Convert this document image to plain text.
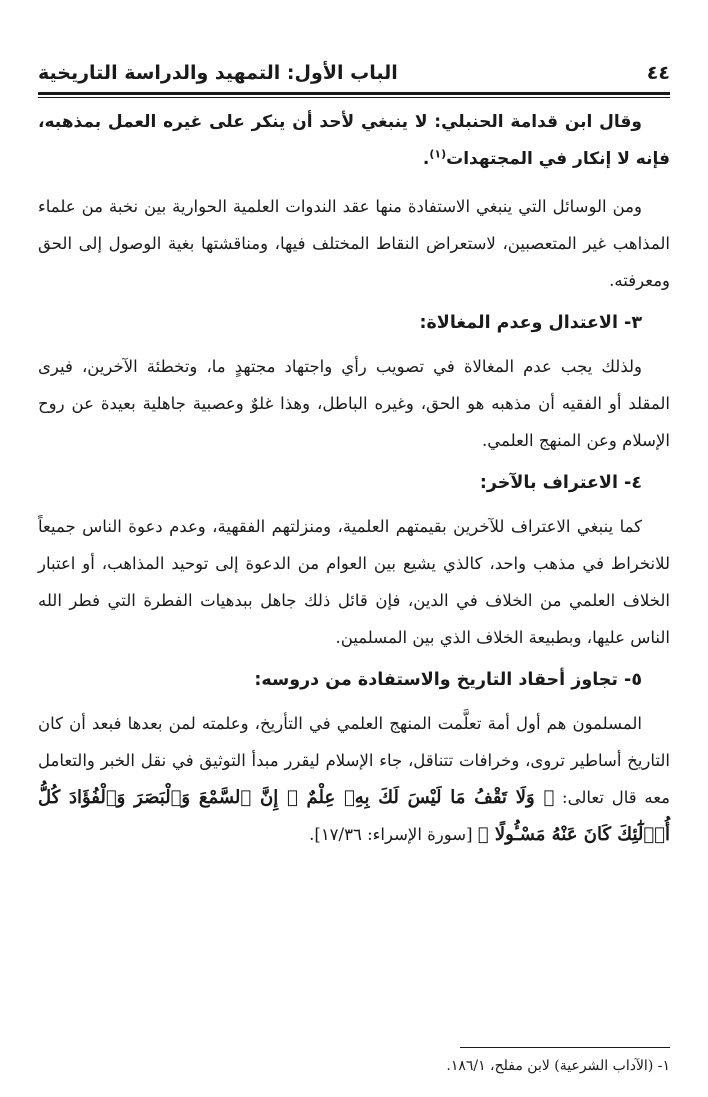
الباب الأول: التمهيد والدراسة التاريخية	٤٤

وقال ابن قدامة الحنبلي: لا ينبغي لأحد أن ينكر على غيره العمل بمذهبه، فإنه لا إنكار في المجتهدات$^{(١)}$.

ومن الوسائل التي ينبغي الاستفادة منها عقد الندوات العلمية الحوارية بين نخبة من علماء المذاهب غير المتعصبين، لاستعراض النقاط المختلف فيها، ومناقشتها بغية الوصول إلى الحق ومعرفته.

٣- الاعتدال وعدم المغالاة:

ولذلك يجب عدم المغالاة في تصويب رأي واجتهاد مجتهدٍ ما، وتخطئة الآخرين، فيرى المقلد أو الفقيه أن مذهبه هو الحق، وغيره الباطل، وهذا غلوٌ وعصبية جاهلية بعيدة عن روح الإسلام وعن المنهج العلمي.

٤- الاعتراف بالآخر:

كما ينبغي الاعتراف للآخرين بقيمتهم العلمية، ومنزلتهم الفقهية، وعدم دعوة الناس جميعاً للانخراط في مذهب واحد، كالذي يشيع بين العوام من الدعوة إلى توحيد المذاهب، أو اعتبار الخلاف العلمي من الخلاف في الدين، فإن قائل ذلك جاهل ببدهيات الفطرة التي فطر الله الناس عليها، وبطبيعة الخلاف الذي بين المسلمين.

٥- تجاوز أحقاد التاريخ والاستفادة من دروسه:

المسلمون هم أول أمة تعلَّمت المنهج العلمي في التأريخ، وعلمته لمن بعدها فبعد أن كان التاريخ أساطير تروى، وخرافات تتناقل، جاء الإسلام ليقرر مبدأ التوثيق في نقل الخبر والتعامل معه قال تعالى: ﴿ وَلَا تَقْفُ مَا لَيْسَ لَكَ بِهِۦ عِلْمٌ ۚ إِنَّ ٱلسَّمْعَ وَٱلْبَصَرَ وَٱلْفُؤَادَ كُلُّ أُو۟لَٰٓئِكَ كَانَ عَنْهُ مَسْـُٔولًا ﴾ [سورة الإسراء: ١٧/٣٦].

١- (الآداب الشرعية) لابن مفلح، ١٨٦/١.
